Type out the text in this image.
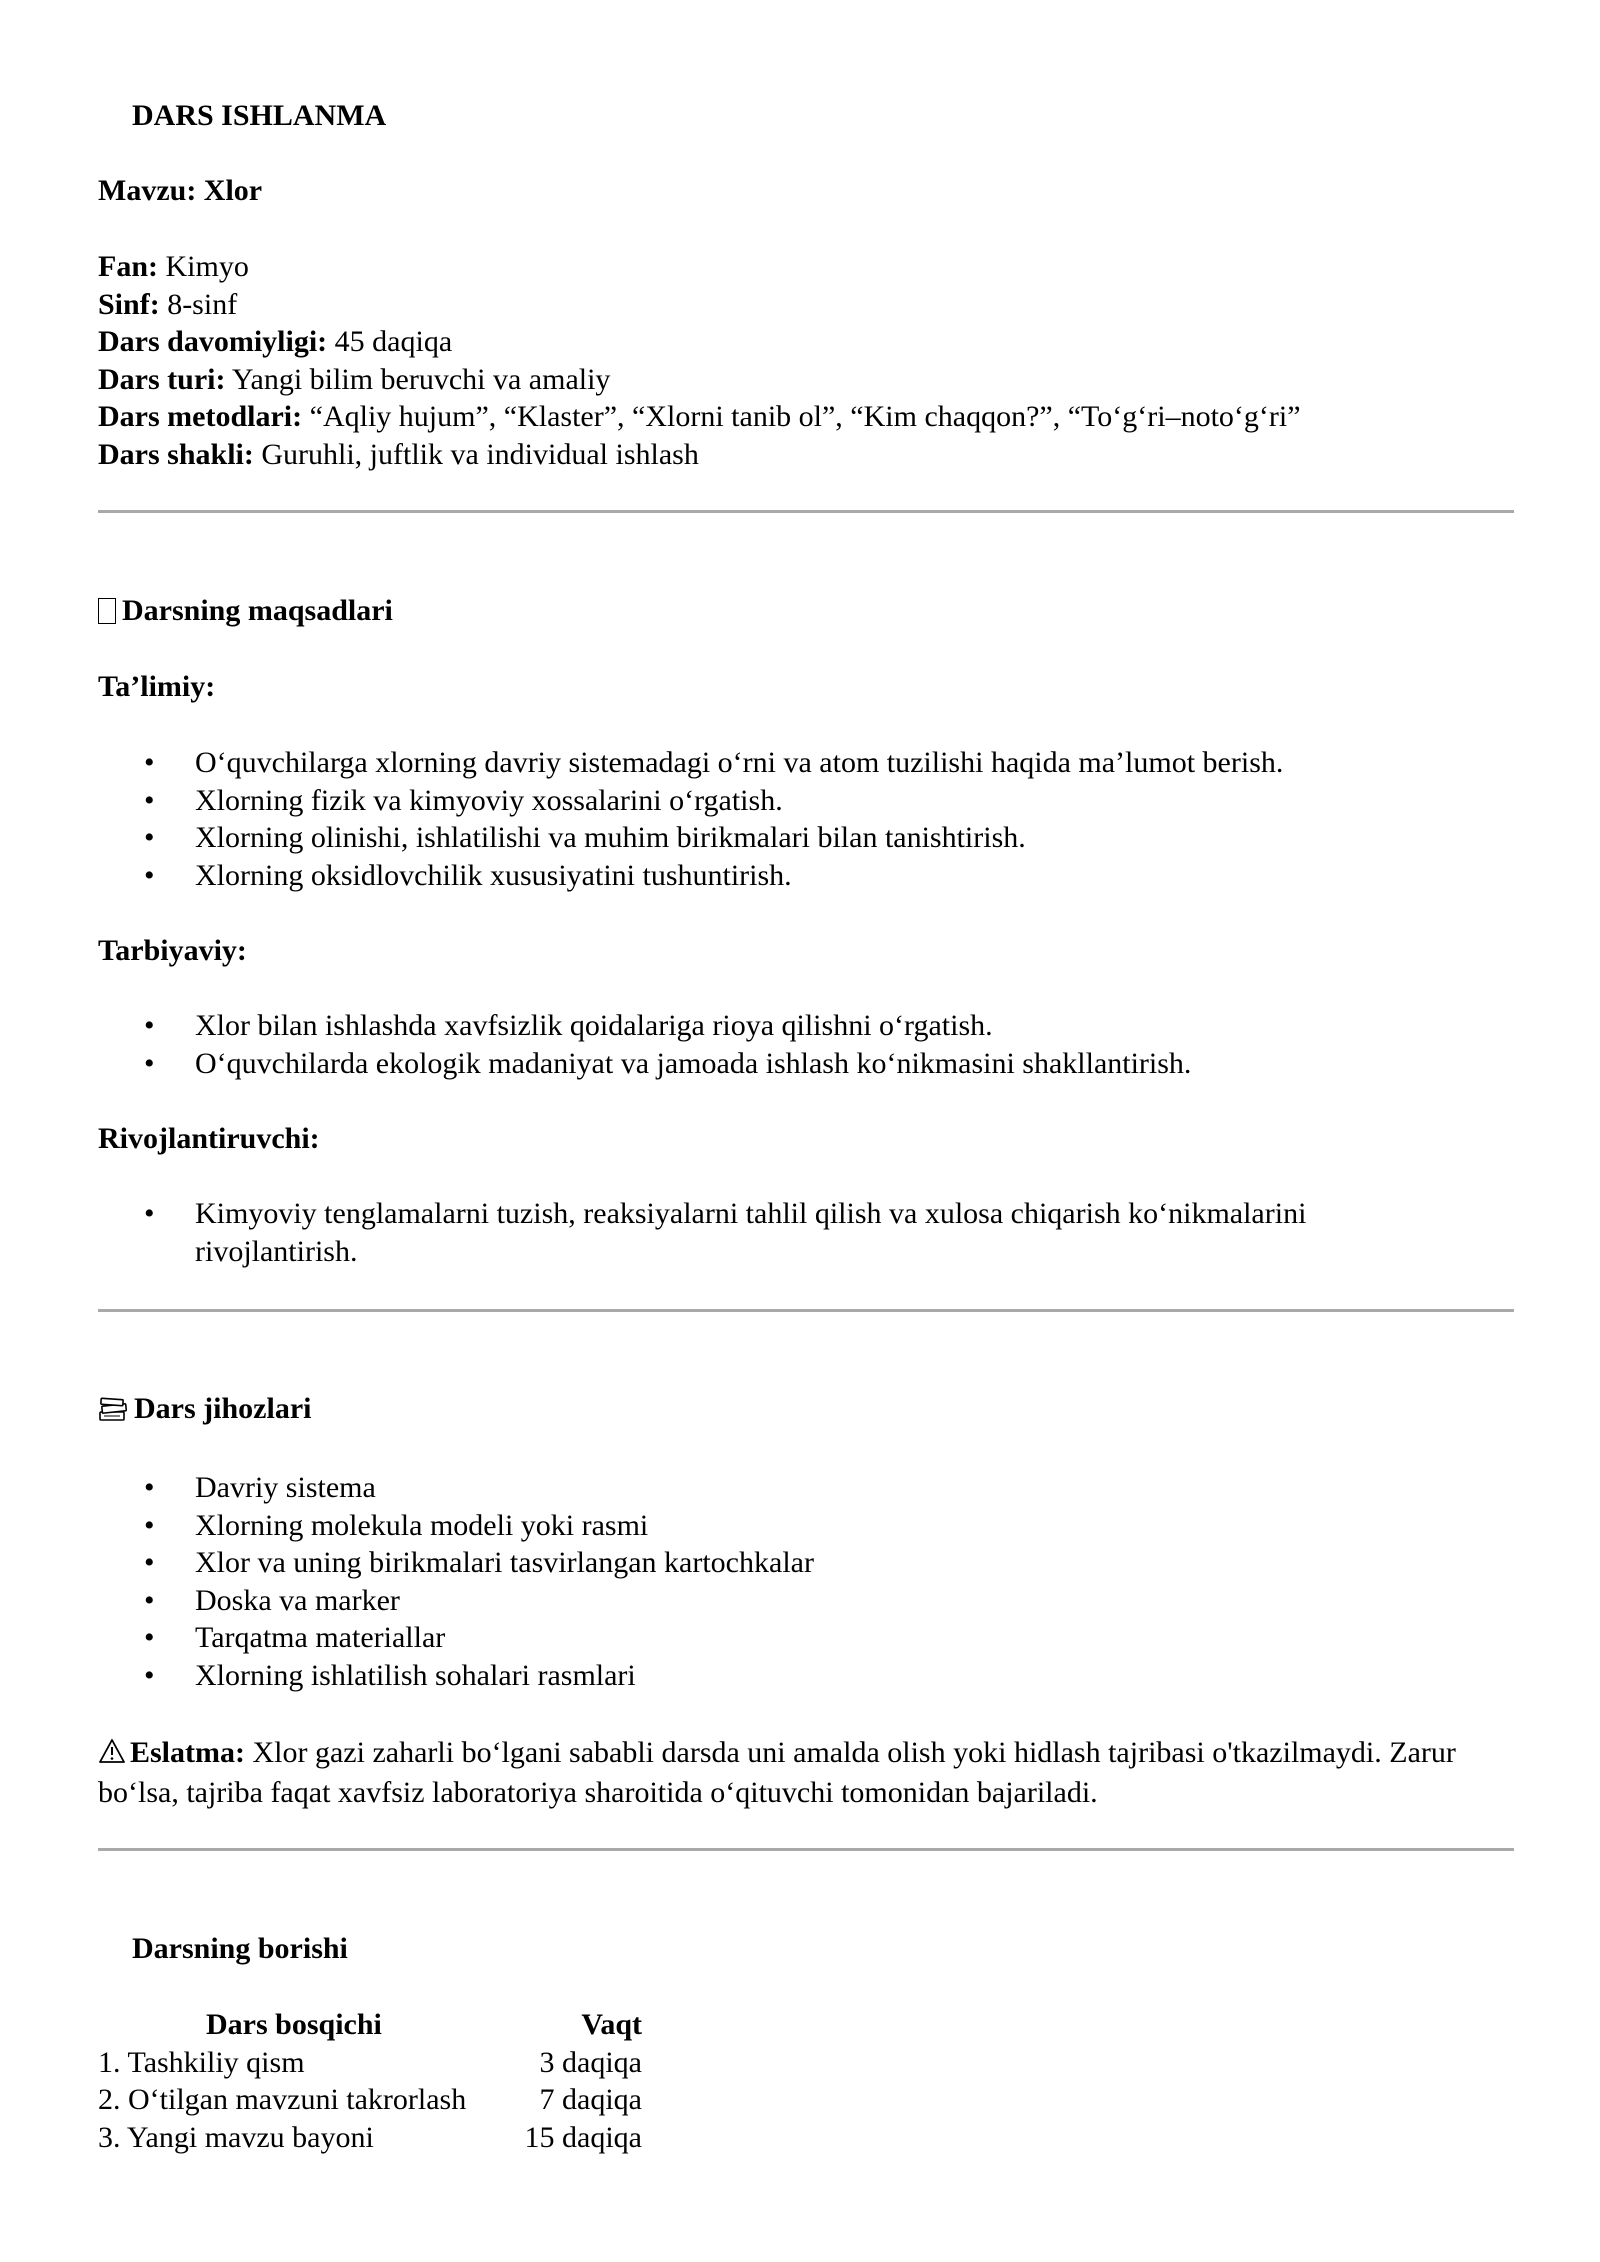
DARS ISHLANMA
Mavzu: Xlor
Fan: Kimyo
Sinf: 8-sinf
Dars davomiyligi: 45 daqiqa
Dars turi: Yangi bilim beruvchi va amaliy
Dars metodlari: “Aqliy hujum”, “Klaster”, “Xlorni tanib ol”, “Kim chaqqon?”, “To‘g‘ri–noto‘g‘ri”
Dars shakli: Guruhli, juftlik va individual ishlash
Darsning maqsadlari
Ta’limiy:
• O‘quvchilarga xlorning davriy sistemadagi o‘rni va atom tuzilishi haqida ma’lumot berish.
• Xlorning fizik va kimyoviy xossalarini o‘rgatish.
• Xlorning olinishi, ishlatilishi va muhim birikmalari bilan tanishtirish.
• Xlorning oksidlovchilik xususiyatini tushuntirish.
Tarbiyaviy:
• Xlor bilan ishlashda xavfsizlik qoidalariga rioya qilishni o‘rgatish.
• O‘quvchilarda ekologik madaniyat va jamoada ishlash ko‘nikmasini shakllantirish.
Rivojlantiruvchi:
• Kimyoviy tenglamalarni tuzish, reaksiyalarni tahlil qilish va xulosa chiqarish ko‘nikmalarini rivojlantirish.
Dars jihozlari
• Davriy sistema
• Xlorning molekula modeli yoki rasmi
• Xlor va uning birikmalari tasvirlangan kartochkalar
• Doska va marker
• Tarqatma materiallar
• Xlorning ishlatilish sohalari rasmlari
Eslatma: Xlor gazi zaharli bo‘lgani sababli darsda uni amalda olish yoki hidlash tajribasi o'tkazilmaydi. Zarur bo‘lsa, tajriba faqat xavfsiz laboratoriya sharoitida o‘qituvchi tomonidan bajariladi.
Darsning borishi
Dars bosqichi	Vaqt
1. Tashkiliy qism	3 daqiqa
2. O‘tilgan mavzuni takrorlash	7 daqiqa
3. Yangi mavzu bayoni	15 daqiqa
